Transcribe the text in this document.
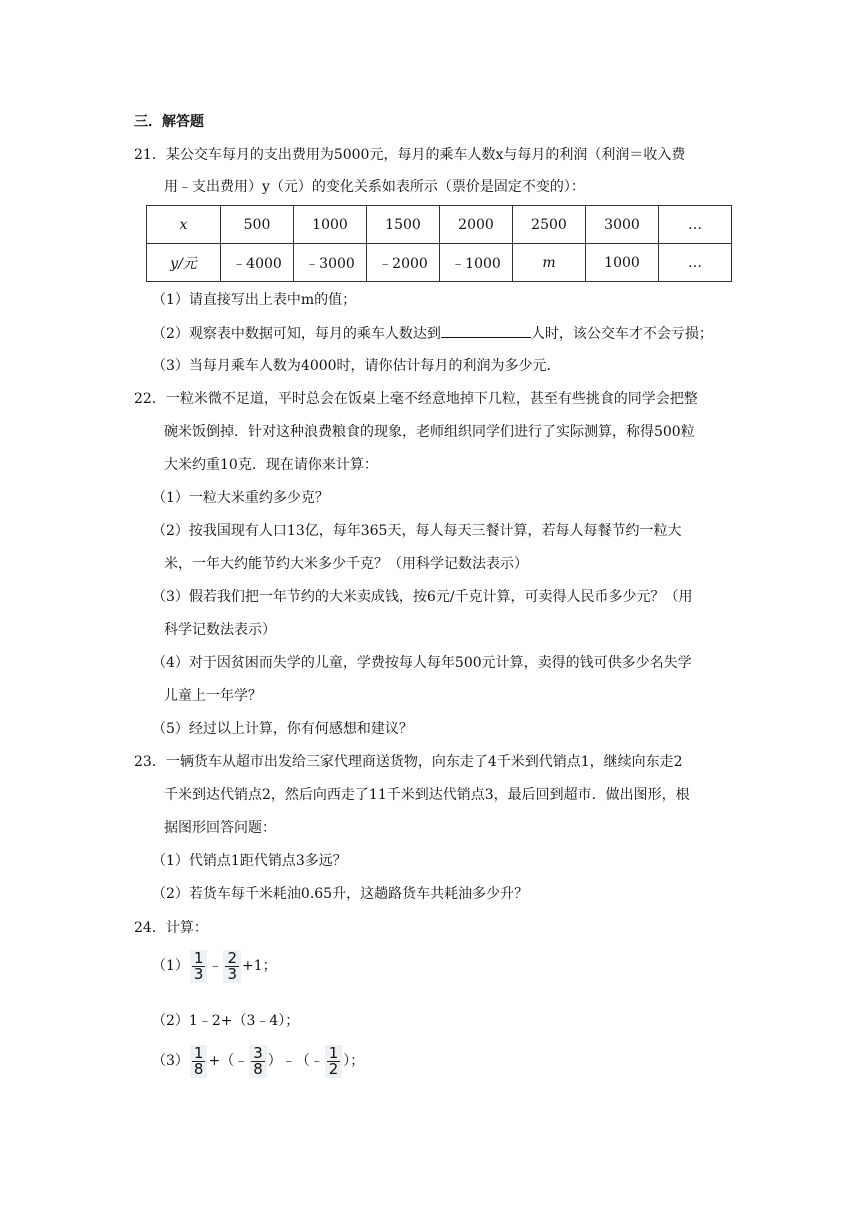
三．解答题
21．某公交车每月的支出费用为5000元，每月的乘车人数x与每月的利润（利润＝收入费
用﹣支出费用）y（元）的变化关系如表所示（票价是固定不变的）：
x	500	1000	1500	2000	2500	3000	…
y/元	﹣4000	﹣3000	﹣2000	﹣1000	m	1000	…
（1）请直接写出上表中m的值；
（2）观察表中数据可知，每月的乘车人数达到	人时，该公交车才不会亏损；
（3）当每月乘车人数为4000时，请你估计每月的利润为多少元．
22．一粒米微不足道，平时总会在饭桌上毫不经意地掉下几粒，甚至有些挑食的同学会把整
碗米饭倒掉．针对这种浪费粮食的现象，老师组织同学们进行了实际测算，称得500粒
大米约重10克．现在请你来计算：
（1）一粒大米重约多少克？
（2）按我国现有人口13亿，每年365天，每人每天三餐计算，若每人每餐节约一粒大
米，一年大约能节约大米多少千克？（用科学记数法表示）
（3）假若我们把一年节约的大米卖成钱，按6元/千克计算，可卖得人民币多少元？（用
科学记数法表示）
（4）对于因贫困而失学的儿童，学费按每人每年500元计算，卖得的钱可供多少名失学
儿童上一年学？
（5）经过以上计算，你有何感想和建议？
23．一辆货车从超市出发给三家代理商送货物，向东走了4千米到代销点1，继续向东走2
千米到达代销点2，然后向西走了11千米到达代销点3，最后回到超市．做出图形，根
据图形回答问题：
（1）代销点1距代销点3多远？
（2）若货车每千米耗油0.65升，这趟路货车共耗油多少升？
24．计算：
$(1) \frac{1}{3}$ ﹣ $\frac{2}{3} +1$；
（2）1﹣2+（3﹣4）；
$(3) \frac{1}{8}$ +（﹣ $\frac{3}{8}$ ）﹣（﹣ $\frac{1}{2}$ ）；
